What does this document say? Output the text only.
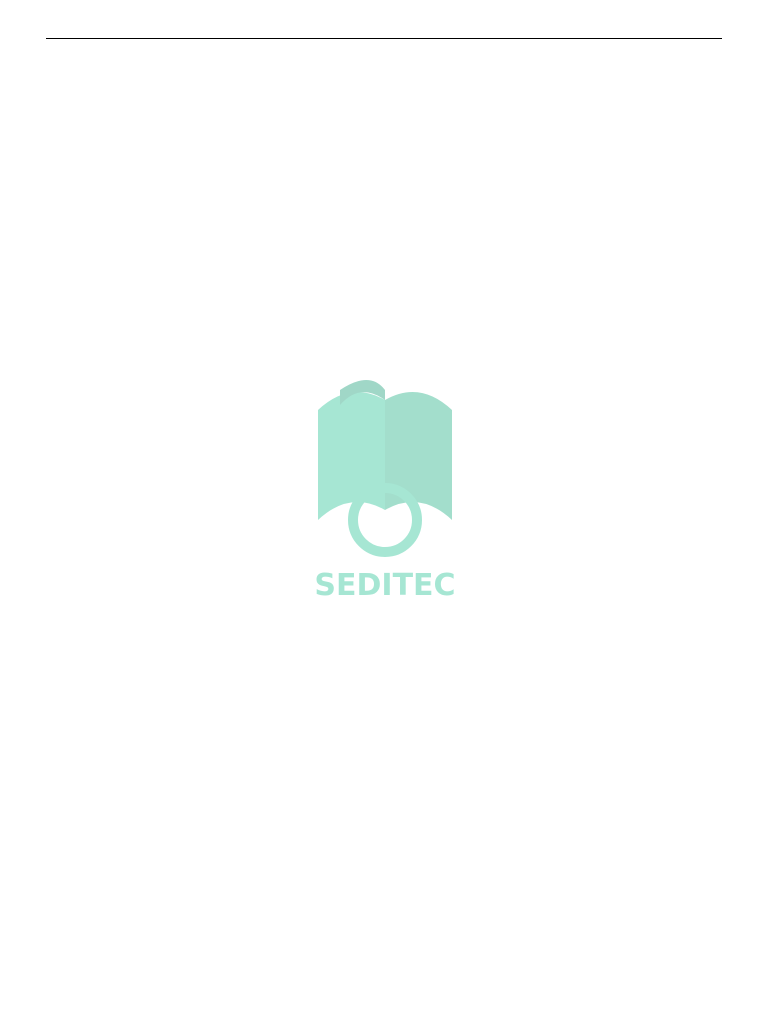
SEDITEC
